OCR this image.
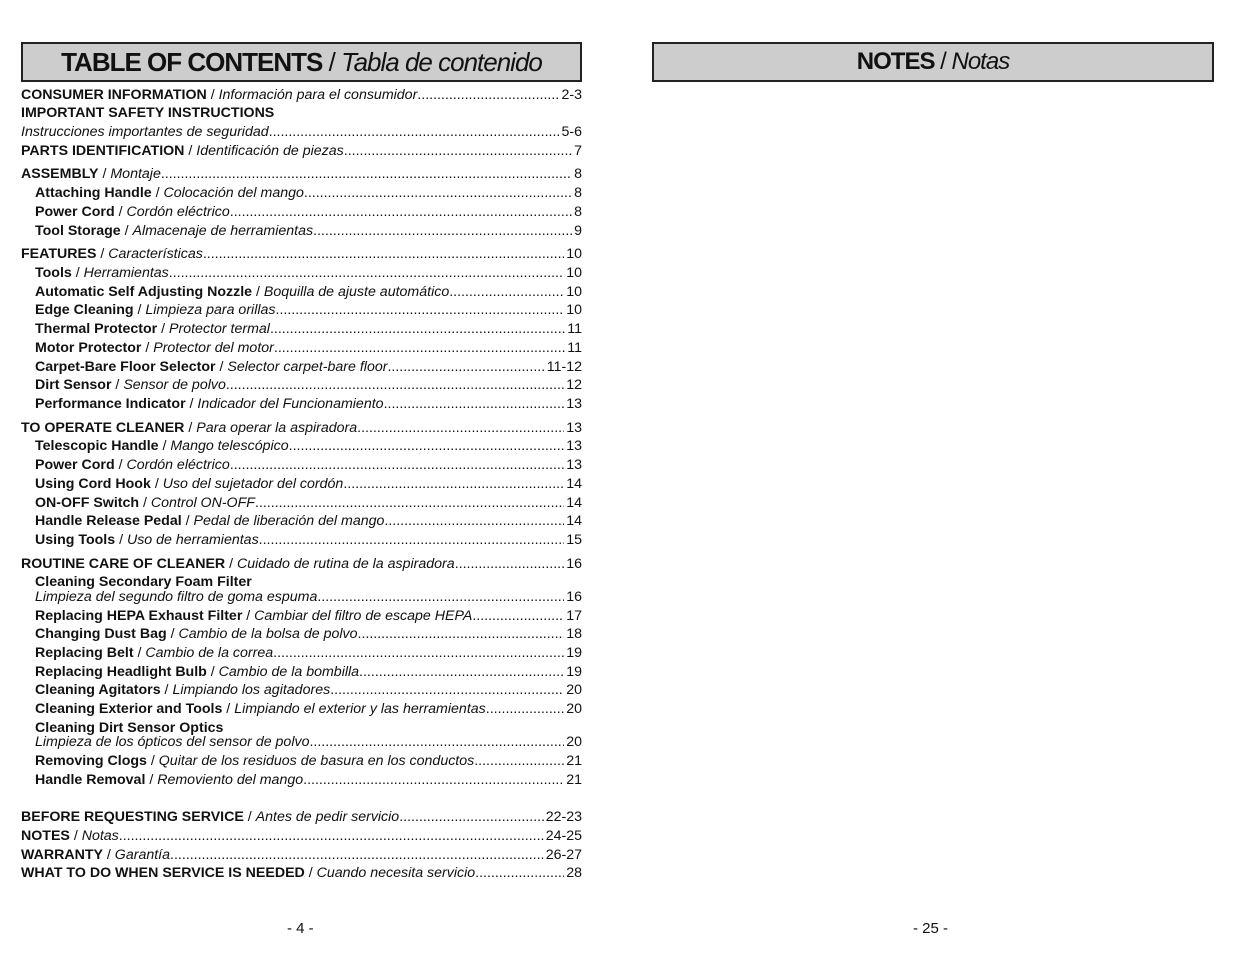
TABLE OF CONTENTS / Tabla de contenido	NOTES / Notas
CONSUMER INFORMATION / Información para el consumidor .....	2-3
IMPORTANT SAFETY INSTRUCTIONS
Instrucciones importantes de seguridad .....	5-6
PARTS IDENTIFICATION / Identificación de piezas .....	7
ASSEMBLY / Montaje .....	8
Attaching Handle / Colocación del mango .....	8
Power Cord / Cordón eléctrico .....	8
Tool Storage / Almacenaje de herramientas .....	9
FEATURES / Características .....	10
Tools / Herramientas .....	10
Automatic Self Adjusting Nozzle / Boquilla de ajuste automático .....	10
Edge Cleaning / Limpieza para orillas .....	10
Thermal Protector / Protector termal .....	11
Motor Protector / Protector del motor .....	11
Carpet-Bare Floor Selector / Selector carpet-bare floor .....	11-12
Dirt Sensor / Sensor de polvo .....	12
Performance Indicator / Indicador del Funcionamiento .....	13
TO OPERATE CLEANER / Para operar la aspiradora .....	13
Telescopic Handle / Mango telescópico .....	13
Power Cord / Cordón eléctrico .....	13
Using Cord Hook / Uso del sujetador del cordón .....	14
ON-OFF Switch / Control ON-OFF .....	14
Handle Release Pedal / Pedal de liberación del mango .....	14
Using Tools / Uso de herramientas .....	15
ROUTINE CARE OF CLEANER / Cuidado de rutina de la aspiradora .....	16
Cleaning Secondary Foam Filter
Limpieza del segundo filtro de goma espuma .....	16
Replacing HEPA Exhaust Filter / Cambiar del filtro de escape HEPA .....	17
Changing Dust Bag / Cambio de la bolsa de polvo .....	18
Replacing Belt / Cambio de la correa .....	19
Replacing Headlight Bulb / Cambio de la bombilla .....	19
Cleaning Agitators / Limpiando los agitadores .....	20
Cleaning Exterior and Tools / Limpiando el exterior y las herramientas .....	20
Cleaning Dirt Sensor Optics
Limpieza de los ópticos del sensor de polvo .....	20
Removing Clogs / Quitar de los residuos de basura en los conductos .....	21
Handle Removal / Removiento del mango .....	21
BEFORE REQUESTING SERVICE / Antes de pedir servicio .....	22-23
NOTES / Notas .....	24-25
WARRANTY / Garantía .....	26-27
WHAT TO DO WHEN SERVICE IS NEEDED / Cuando necesita servicio .....	28
- 4 -	- 25 -
